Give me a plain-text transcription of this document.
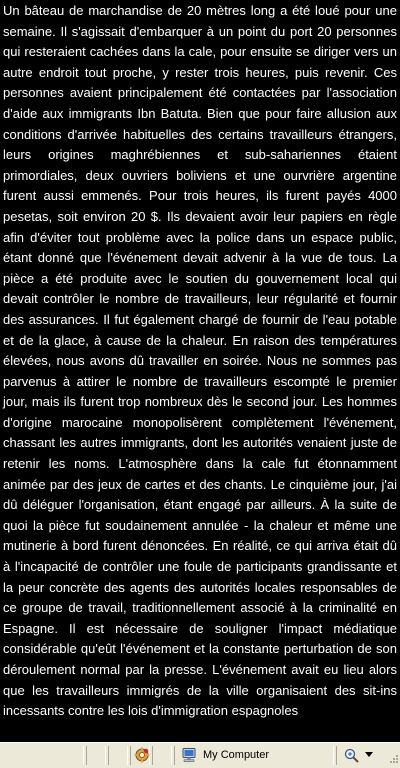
Un bâteau de marchandise de 20 mètres long a été loué pour une semaine. Il s'agissait d'embarquer à un point du port 20 personnes qui resteraient cachées dans la cale, pour ensuite se diriger vers un autre endroit tout proche, y rester trois heures, puis revenir. Ces personnes avaient principalement été contactées par l'association d'aide aux immigrants Ibn Batuta. Bien que pour faire allusion aux conditions d'arrivée habituelles des certains travailleurs étrangers, leurs origines maghrébiennes et sub-sahariennes étaient primordiales, deux ouvriers boliviens et une ourvrière argentine furent aussi emmenés. Pour trois heures, ils furent payés 4000 pesetas, soit environ 20 $. Ils devaient avoir leur papiers en règle afin d'éviter tout problème avec la police dans un espace public, étant donné que l'événement devait advenir à la vue de tous. La pièce a été produite avec le soutien du gouvernement local qui devait contrôler le nombre de travailleurs, leur régularité et fournir des assurances. Il fut également chargé de fournir de l'eau potable et de la glace, à cause de la chaleur. En raison des températures élevées, nous avons dû travailler en soirée. Nous ne sommes pas parvenus à attirer le nombre de travailleurs escompté le premier jour, mais ils furent trop nombreux dès le second jour. Les hommes d'origine marocaine monopolisèrent complètement l'événement, chassant les autres immigrants, dont les autorités venaient juste de retenir les noms. L'atmosphère dans la cale fut étonnamment animée par des jeux de cartes et des chants. Le cinquième jour, j'ai dû déléguer l'organisation, étant engagé par ailleurs. À la suite de quoi la pièce fut soudainement annulée - la chaleur et même une mutinerie à bord furent dénoncées. En réalité, ce qui arriva était dû à l'incapacité de contrôler une foule de participants grandissante et la peur concrète des agents des autorités locales responsables de ce groupe de travail, traditionnellement associé à la criminalité en Espagne. Il est nécessaire de souligner l'impact médiatique considérable qu'eût l'événement et la constante perturbation de son déroulement normal par la presse. L'événement avait eu lieu alors que les travailleurs immigrés de la ville organisaient des sit-ins incessants contre les lois d'immigration espagnoles

My Computer
